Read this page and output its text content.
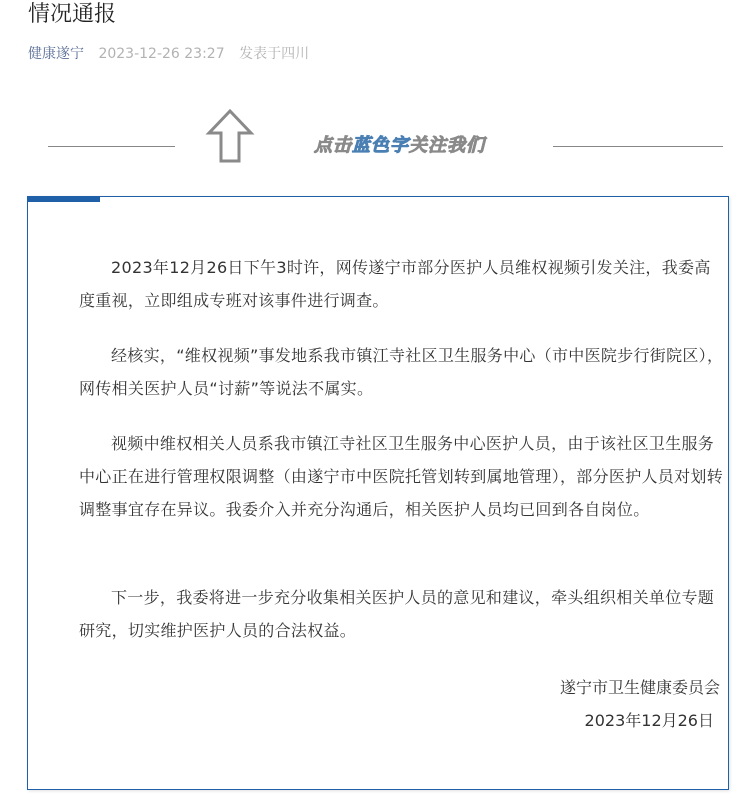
情况通报
健康遂宁 2023-12-26 23:27 发表于四川
点击蓝色字关注我们

2023年12月26日下午3时许，网传遂宁市部分医护人员维权视频引发关注，我委高度重视，立即组成专班对该事件进行调查。

经核实，“维权视频”事发地系我市镇江寺社区卫生服务中心（市中医院步行街院区），网传相关医护人员“讨薪”等说法不属实。

视频中维权相关人员系我市镇江寺社区卫生服务中心医护人员，由于该社区卫生服务中心正在进行管理权限调整（由遂宁市中医院托管划转到属地管理），部分医护人员对划转调整事宜存在异议。我委介入并充分沟通后，相关医护人员均已回到各自岗位。

下一步，我委将进一步充分收集相关医护人员的意见和建议，牵头组织相关单位专题研究，切实维护医护人员的合法权益。

遂宁市卫生健康委员会

2023年12月26日
